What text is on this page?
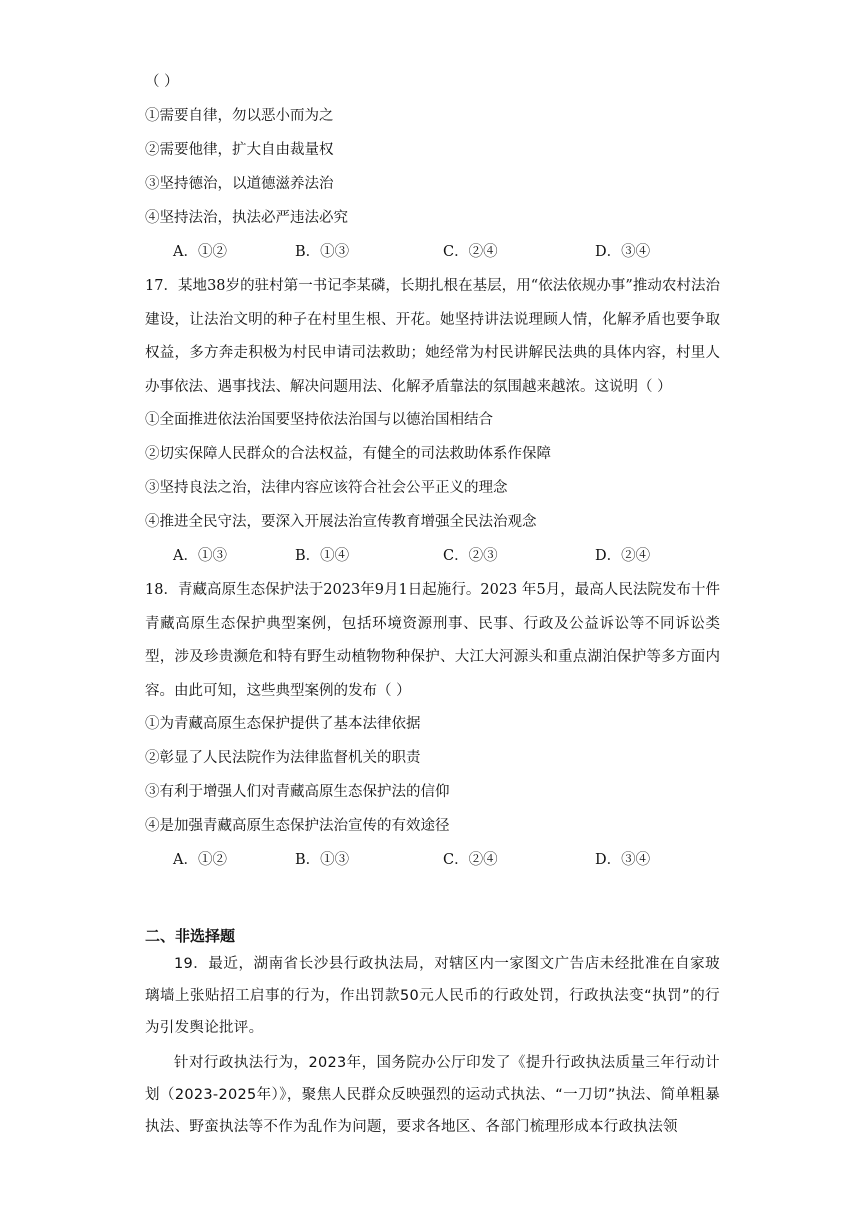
（ ）
①需要自律，勿以恶小而为之
②需要他律，扩大自由裁量权
③坚持德治，以道德滋养法治
④坚持法治，执法必严违法必究
A．①②	B．①③	C．②④	D．③④

17．某地38岁的驻村第一书记李某磷，长期扎根在基层，用“依法依规办事”推动农村法治建设，让法治文明的种子在村里生根、开花。她坚持讲法说理顾人情，化解矛盾也要争取权益，多方奔走积极为村民申请司法救助；她经常为村民讲解民法典的具体内容，村里人办事依法、遇事找法、解决问题用法、化解矛盾靠法的氛围越来越浓。这说明（ ）

①全面推进依法治国要坚持依法治国与以德治国相结合
②切实保障人民群众的合法权益，有健全的司法救助体系作保障
③坚持良法之治，法律内容应该符合社会公平正义的理念
④推进全民守法，要深入开展法治宣传教育增强全民法治观念
A．①③	B．①④	C．②③	D．②④

18．青藏高原生态保护法于2023年9月1日起施行。2023 年5月，最高人民法院发布十件青藏高原生态保护典型案例，包括环境资源刑事、民事、行政及公益诉讼等不同诉讼类型，涉及珍贵濒危和特有野生动植物物种保护、大江大河源头和重点湖泊保护等多方面内容。由此可知，这些典型案例的发布（ ）

①为青藏高原生态保护提供了基本法律依据
②彰显了人民法院作为法律监督机关的职责
③有利于增强人们对青藏高原生态保护法的信仰
④是加强青藏高原生态保护法治宣传的有效途径
A．①②	B．①③	C．②④	D．③④
二、非选择题

19．最近，湖南省长沙县行政执法局，对辖区内一家图文广告店未经批准在自家玻璃墙上张贴招工启事的行为，作出罚款50元人民币的行政处罚，行政执法变“执罚”的行为引发舆论批评。

针对行政执法行为，2023年，国务院办公厅印发了《提升行政执法质量三年行动计划（2023-2025年）》，聚焦人民群众反映强烈的运动式执法、“一刀切”执法、简单粗暴执法、野蛮执法等不作为乱作为问题，要求各地区、各部门梳理形成本行政执法领
